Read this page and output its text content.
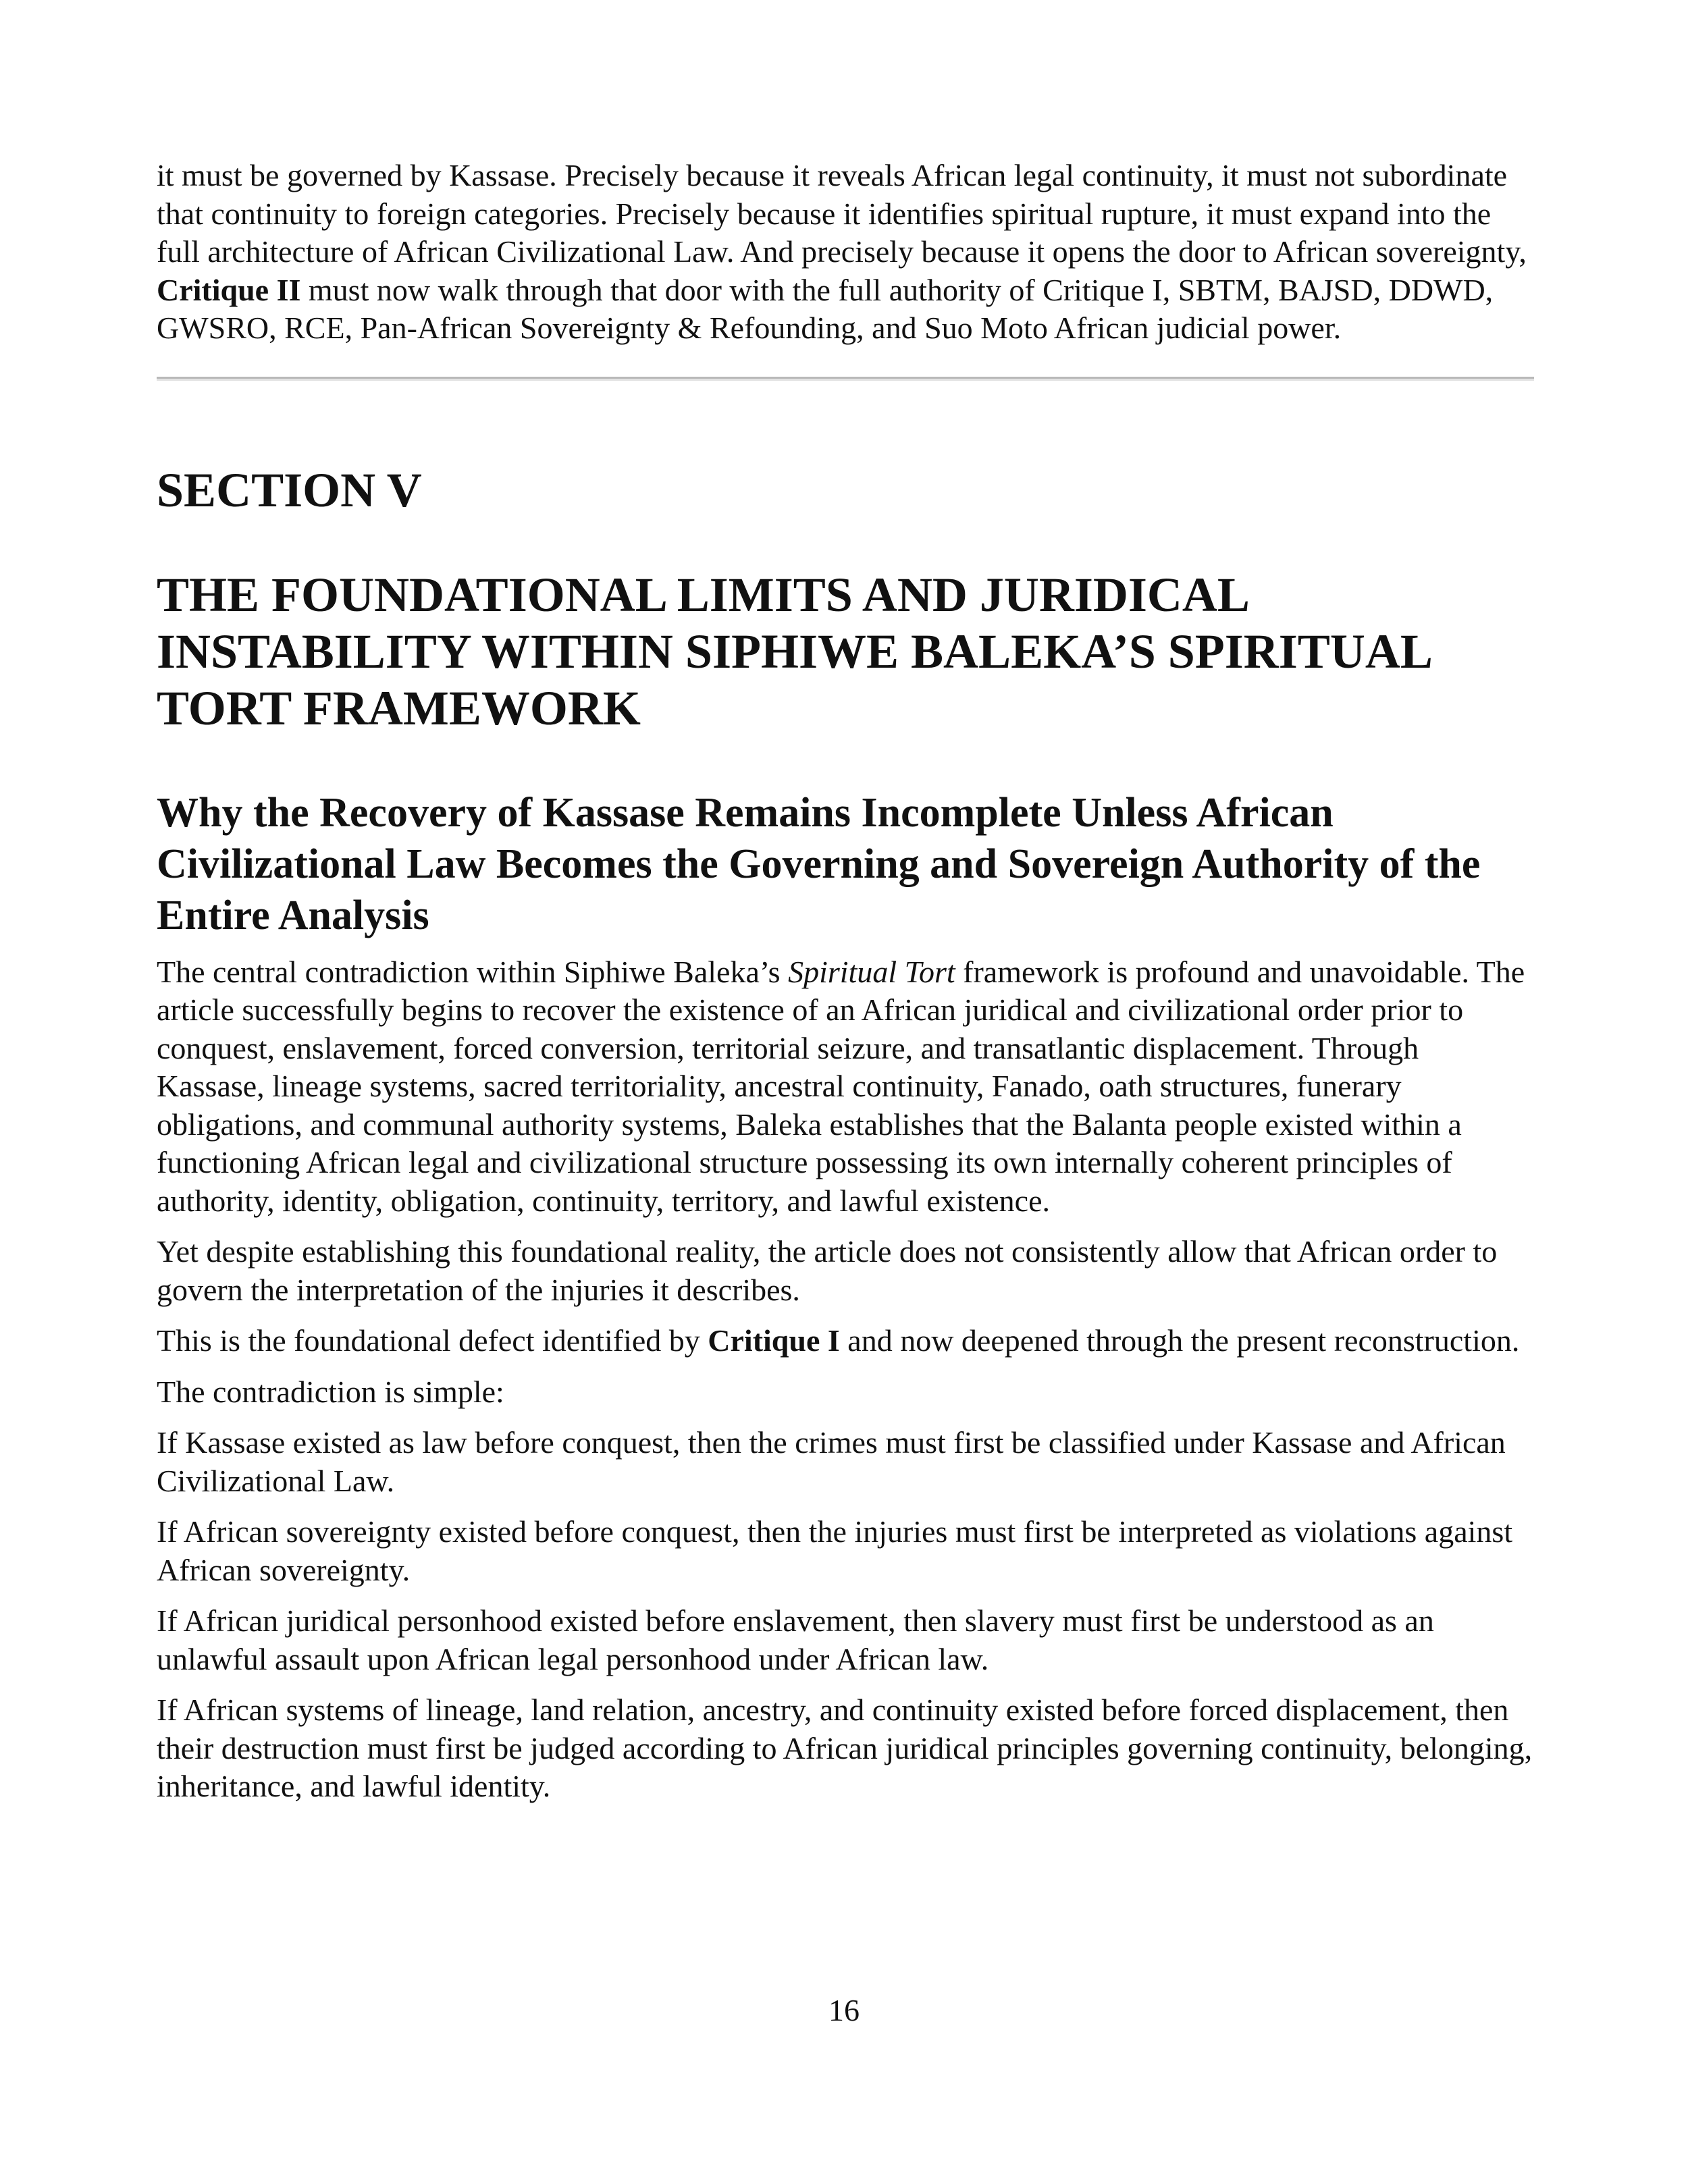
it must be governed by Kassase. Precisely because it reveals African legal continuity, it must not subordinate that continuity to foreign categories. Precisely because it identifies spiritual rupture, it must expand into the full architecture of African Civilizational Law. And precisely because it opens the door to African sovereignty, Critique II must now walk through that door with the full authority of Critique I, SBTM, BAJSD, DDWD, GWSRO, RCE, Pan-African Sovereignty & Refounding, and Suo Moto African judicial power.

SECTION V
THE FOUNDATIONAL LIMITS AND JURIDICAL INSTABILITY WITHIN SIPHIWE BALEKA’S SPIRITUAL TORT FRAMEWORK
Why the Recovery of Kassase Remains Incomplete Unless African Civilizational Law Becomes the Governing and Sovereign Authority of the Entire Analysis

The central contradiction within Siphiwe Baleka’s Spiritual Tort framework is profound and unavoidable. The article successfully begins to recover the existence of an African juridical and civilizational order prior to conquest, enslavement, forced conversion, territorial seizure, and transatlantic displacement. Through Kassase, lineage systems, sacred territoriality, ancestral continuity, Fanado, oath structures, funerary obligations, and communal authority systems, Baleka establishes that the Balanta people existed within a functioning African legal and civilizational structure possessing its own internally coherent principles of authority, identity, obligation, continuity, territory, and lawful existence.

Yet despite establishing this foundational reality, the article does not consistently allow that African order to govern the interpretation of the injuries it describes.

This is the foundational defect identified by Critique I and now deepened through the present reconstruction.

The contradiction is simple:

If Kassase existed as law before conquest, then the crimes must first be classified under Kassase and African Civilizational Law.

If African sovereignty existed before conquest, then the injuries must first be interpreted as violations against African sovereignty.

If African juridical personhood existed before enslavement, then slavery must first be understood as an unlawful assault upon African legal personhood under African law.

If African systems of lineage, land relation, ancestry, and continuity existed before forced displacement, then their destruction must first be judged according to African juridical principles governing continuity, belonging, inheritance, and lawful identity.

16
